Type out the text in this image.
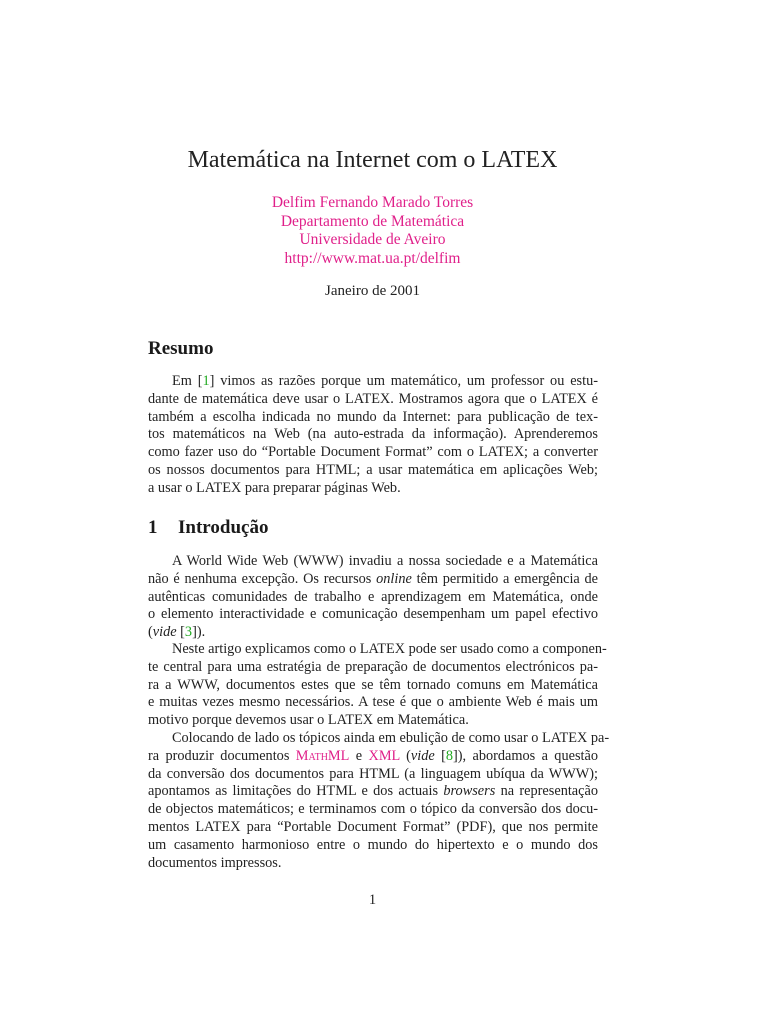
Matemática na Internet com o LATEX
Delfim Fernando Marado Torres
Departamento de Matemática
Universidade de Aveiro
http://www.mat.ua.pt/delfim
Janeiro de 2001
Resumo
Em [1] vimos as razões porque um matemático, um professor ou estu-
dante de matemática deve usar o LATEX. Mostramos agora que o LATEX é
também a escolha indicada no mundo da Internet: para publicação de tex-
tos matemáticos na Web (na auto-estrada da informação). Aprenderemos
como fazer uso do “Portable Document Format” com o LATEX; a converter
os nossos documentos para HTML; a usar matemática em aplicações Web;
a usar o LATEX para preparar páginas Web.
1 Introdução
A World Wide Web (WWW) invadiu a nossa sociedade e a Matemática
não é nenhuma excepção. Os recursos online têm permitido a emergência de
autênticas comunidades de trabalho e aprendizagem em Matemática, onde
o elemento interactividade e comunicação desempenham um papel efectivo
(vide [3]).
Neste artigo explicamos como o LATEX pode ser usado como a componen-
te central para uma estratégia de preparação de documentos electrónicos pa-
ra a WWW, documentos estes que se têm tornado comuns em Matemática
e muitas vezes mesmo necessários. A tese é que o ambiente Web é mais um
motivo porque devemos usar o LATEX em Matemática.
Colocando de lado os tópicos ainda em ebulição de como usar o LATEX pa-
ra produzir documentos MathML e XML (vide [8]), abordamos a questão
da conversão dos documentos para HTML (a linguagem ubíqua da WWW);
apontamos as limitações do HTML e dos actuais browsers na representação
de objectos matemáticos; e terminamos com o tópico da conversão dos docu-
mentos LATEX para “Portable Document Format” (PDF), que nos permite
um casamento harmonioso entre o mundo do hipertexto e o mundo dos
documentos impressos.
1
